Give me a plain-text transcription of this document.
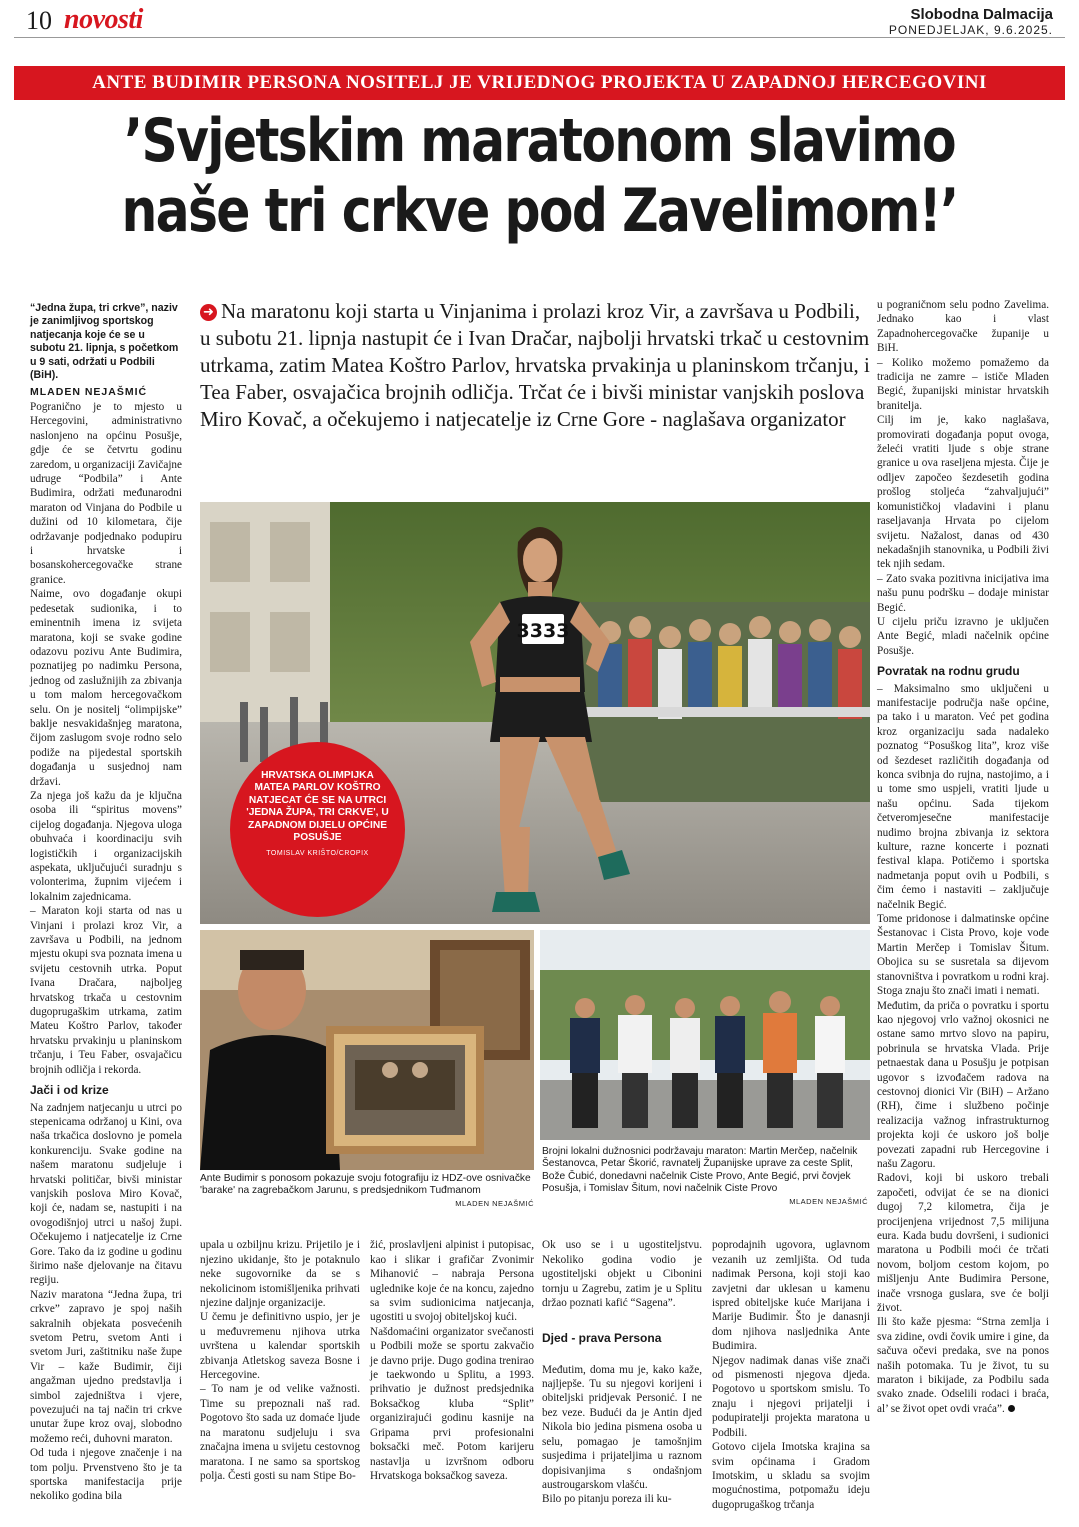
10 novosti	Slobodna Dalmacija
PONEDJELJAK, 9.6.2025.
ANTE BUDIMIR PERSONA NOSITELJ JE VRIJEDNOG PROJEKTA U ZAPADNOJ HERCEGOVINI
’Svjetskim maratonom slavimo
naše tri crkve pod Zavelimom!’
“Jedna župa, tri crkve”, naziv je zanimljivog sportskog natjecanja koje će se u subotu 21. lipnja, s početkom u 9 sati, održati u Podbili (BiH).
MLADEN NEJAŠMIĆ
➜ Na maratonu koji starta u Vinjanima i prolazi kroz Vir, a završava u Podbili, u subotu 21. lipnja nastupit će i Ivan Dračar, najbolji hrvatski trkač u cestovnim utrkama, zatim Matea Koštro Parlov, hrvatska prvakinja u planinskom trčanju, i Tea Faber, osvajačica brojnih odličja. Trčat će i bivši ministar vanjskih poslova Miro Kovač, a očekujemo i natjecatelje iz Crne Gore - naglašava organizator

Pogranično je to mjesto u Hercegovini, administrativno naslonjeno na općinu Posušje, gdje će se četvrtu godinu zaredom, u organizaciji Zavičajne udruge “Podbila” i Ante Budimira, održati međunarodni maraton od Vinjana do Podbile u dužini od 10 kilometara, čije održavanje podjednako podupiru i hrvatske i bosanskohercegovačke strane granice.

Naime, ovo događanje okupi pedesetak sudionika, i to eminentnih imena iz svijeta maratona, koji se svake godine odazovu pozivu Ante Budimira, poznatijeg po nadimku Persona, jednog od zaslužnijih za zbivanja u tom malom hercegovačkom selu. On je nositelj “olimpijske” baklje nesvakidašnjeg maratona, čijom zaslugom svoje rodno selo podiže na pijedestal sportskih događanja u susjednoj nam državi.

Za njega još kažu da je ključna osoba ili “spiritus movens” cijelog događanja. Njegova uloga obuhvaća i koordinaciju svih logističkih i organizacijskih aspekata, uključujući suradnju s volonterima, župnim vijećem i lokalnim zajednicama.

– Maraton koji starta od nas u Vinjani i prolazi kroz Vir, a završava u Podbili, na jednom mjestu okupi sva poznata imena u svijetu cestovnih utrka. Poput Ivana Dračara, najboljeg hrvatskog trkača u cestovnim dugoprugaškim utrkama, zatim Mateu Koštro Parlov, također hrvatsku prvakinju u planinskom trčanju, i Teu Faber, osvajačicu brojnih odličja i rekorda.

Jači i od krize

Na zadnjem natjecanju u utrci po stepenicama održanoj u Kini, ova naša trkačica doslovno je pomela konkurenciju. Svake godine na našem maratonu sudjeluje i hrvatski političar, bivši ministar vanjskih poslova Miro Kovač, koji će, nadam se, nastupiti i na ovogodišnjoj utrci u našoj župi. Očekujemo i natjecatelje iz Crne Gore. Tako da iz godine u godinu širimo naše djelovanje na čitavu regiju.

Naziv maratona “Jedna župa, tri crkve” zapravo je spoj naših sakralnih objekata posvećenih svetom Petru, svetom Anti i svetom Juri, zaštitniku naše župe Vir – kaže Budimir, čiji angažman ujedno predstavlja i simbol zajedništva i vjere, povezujući na taj način tri crkve unutar župe kroz ovaj, slobodno možemo reći, duhovni maraton.

Od tuda i njegove značenje i na tom polju. Prvenstveno što je ta sportska manifestacija prije nekoliko godina bila

3333
HRVATSKA OLIMPIJKA MATEA PARLOV KOŠTRO NATJECAT ĆE SE NA UTRCI 'JEDNA ŽUPA, TRI CRKVE', U ZAPADNOM DIJELU OPĆINE POSUŠJE
TOMISLAV KRIŠTO/CROPIX

u pograničnom selu podno Zavelima. Jednako kao i vlast Zapadnohercegovačke županije u BiH.

– Koliko možemo pomažemo da tradicija ne zamre – ističe Mladen Begić, županijski ministar hrvatskih branitelja.

Cilj im je, kako naglašava, promovirati događanja poput ovoga, želeći vratiti ljude s obje strane granice u ova raseljena mjesta. Čije je odljev započeo šezdesetih godina prošlog stoljeća “zahvaljujući” komunističkoj vladavini i planu raseljavanja Hrvata po cijelom svijetu. Nažalost, danas od 430 nekadašnjih stanovnika, u Podbili živi tek njih sedam.

– Zato svaka pozitivna inicijativa ima našu punu podršku – dodaje ministar Begić.

U cijelu priču izravno je uključen Ante Begić, mladi načelnik općine Posušje.

Povratak na rodnu grudu

– Maksimalno smo uključeni u manifestacije područja naše općine, pa tako i u maraton. Već pet godina kroz organizaciju sada nadaleko poznatog “Posuškog lita”, kroz više od šezdeset različitih događanja od konca svibnja do rujna, nastojimo, a i u tome smo uspjeli, vratiti ljude u našu općinu. Sada tijekom četveromjesečne manifestacije nudimo brojna zbivanja iz sektora kulture, razne koncerte i poznati festival klapa. Potičemo i sportska nadmetanja poput ovih u Podbili, s čim ćemo i nastaviti – zaključuje načelnik Begić.

Tome pridonose i dalmatinske općine Šestanovac i Cista Provo, koje vode Martin Merčep i Tomislav Šitum. Obojica su se susretala sa dijevom stanovništva i povratkom u rodni kraj. Stoga znaju što znači imati i nemati.

Međutim, da priča o povratku i sportu kao njegovoj vrlo važnoj okosnici ne ostane samo mrtvo slovo na papiru, pobrinula se hrvatska Vlada. Prije petnaestak dana u Posušju je potpisan ugovor s izvođačem radova na cestovnoj dionici Vir (BiH) – Aržano (RH), čime i službeno počinje realizacija važnog infrastrukturnog projekta koji će uskoro još bolje povezati zapadni rub Hercegovine i našu Zagoru.

Radovi, koji bi uskoro trebali započeti, odvijat će se na dionici dugoj 7,2 kilometra, čija je procijenjena vrijednost 7,5 milijuna eura. Kada budu dovršeni, i sudionici maratona u Podbili moći će trčati novom, boljom cestom kojom, po mišljenju Ante Budimira Persone, inače vrsnoga guslara, sve će bolji život.

Ili što kaže pjesma: “Strna zemlja i sva zidine, ovdi čovik umire i gine, da sačuva očevi predaka, sve na ponos naših potomaka. Tu je život, tu su maraton i bikijade, za Podbilu sada svako znade. Odselili rodaci i braća, al’ se život opet ovdi vraća”.

Ante Budimir s ponosom pokazuje svoju fotografiju iz HDZ-ove osnivačke 'barake' na zagrebačkom Jarunu, s predsjednikom Tuđmanom
MLADEN NEJAŠMIĆ
Brojni lokalni dužnosnici podržavaju maraton: Martin Merčep, načelnik Šestanovca, Petar Škorić, ravnatelj Županijske uprave za ceste Split, Bože Čubić, donedavni načelnik Ciste Provo, Ante Begić, prvi čovjek Posušja, i Tomislav Šitum, novi načelnik Ciste Provo
MLADEN NEJAŠMIĆ

upala u ozbiljnu krizu. Prijetilo je i njezino ukidanje, što je potaknulo neke sugovornike da se s nekolicinom istomišljenika prihvati njezine daljnje organizacije.
U čemu je definitivno uspio, jer je u međuvremenu njihova utrka uvrštena u kalendar sportskih zbivanja Atletskog saveza Bosne i Hercegovine.
– To nam je od velike važnosti. Time su prepoznali naš rad. Pogotovo što sada uz domaće ljude na maratonu sudjeluju i sva značajna imena u svijetu cestovnog maratona. I ne samo sa sportskog polja. Česti gosti su nam Stipe Bo-

žić, proslavljeni alpinist i putopisac, kao i slikar i grafičar Zvonimir Mihanović – nabraja Persona uglednike koje će na koncu, zajedno sa svim sudionicima natjecanja, ugostiti u svojoj obiteljskoj kući.
Našdomaćini organizator svečanosti u Podbili može se sportu zakvačio je davno prije. Dugo godina trenirao je taekwondo u Splitu, a 1993. prihvatio je dužnost predsjednika Boksačkog kluba “Split” organizirajući godinu kasnije na Gripama prvi profesionalni boksački meč. Potom karijeru nastavlja u izvršnom odboru Hrvatskoga boksačkog saveza.

Ok uso se i u ugostiteljstvu. Nekoliko godina vodio je ugostiteljski objekt u Cibonini tornju u Zagrebu, zatim je u Splitu držao poznati kafić “Sagena”.

Djed - prava Persona

Međutim, doma mu je, kako kaže, najljepše. Tu su njegovi korijeni i obiteljski pridjevak Personić. I ne bez veze. Budući da je Antin djed Nikola bio jedina pismena osoba u selu, pomagao je tamošnjim susjedima i prijateljima u raznom dopisivanjima s ondašnjom austrougarskom vlašću.
Bilo po pitanju poreza ili ku-

poprodajnih ugovora, uglavnom vezanih uz zemljišta. Od tuda nadimak Persona, koji stoji kao zavjetni dar uklesan u kamenu ispred obiteljske kuće Marijana i Marije Budimir. Što je danasnji dom njihova nasljednika Ante Budimira.
Njegov nadimak danas više znači od pismenosti njegova djeda. Pogotovo u sportskom smislu. To znaju i njegovi prijatelji i podupiratelji projekta maratona u Podbili.
Gotovo cijela Imotska krajina sa svim općinama i Gradom Imotskim, u skladu sa svojim mogućnostima, potpomažu ideju dugoprugaškog trčanja
